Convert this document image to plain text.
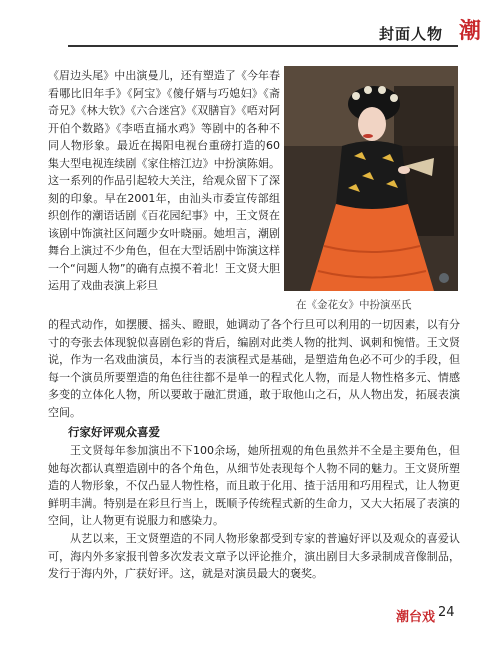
封面人物 潮
在《金花女》中扮演巫氏

《眉边头尾》中出演曼儿，还有塑造了《今年春看哪比旧年手》《阿宝》《傻仔婿与巧媳妇》《斋奇兄》《林大钦》《六合迷宫》《双膳盲》《唔对阿开伯个数路》《李唔直捅水鸡》等剧中的各种不同人物形象。最近在揭阳电视台重磅打造的60集大型电视连续剧《家住榕江边》中扮演陈娟。这一系列的作品引起较大关注，给观众留下了深刻的印象。早在2001年，由汕头市委宣传部组织创作的潮语话剧《百花园纪事》中，王文贤在该剧中饰演社区问题少女叶晓丽。她坦言，潮剧舞台上演过不少角色，但在大型话剧中饰演这样一个“问题人物”的确有点摸不着北！王文贤大胆运用了戏曲表演上彩旦

的程式动作，如摆腰、摇头、瞪眼，她调动了各个行旦可以利用的一切因素，以有分寸的夸张去体现貌似喜剧色彩的背后，编剧对此类人物的批判、讽刺和惋惜。王文贤说，作为一名戏曲演员，本行当的表演程式是基础，是塑造角色必不可少的手段，但每一个演员所要塑造的角色往往都不是单一的程式化人物，而是人物性格多元、情感多变的立体化人物，所以要敢于融汇贯通，敢于取他山之石，从人物出发，拓展表演空间。

行家好评观众喜爱

王文贤每年参加演出不下100余场，她所扭观的角色虽然并不全是主要角色，但她每次都认真塑造剧中的各个角色，从细节处表现每个人物不同的魅力。王文贤所塑造的人物形象，不仅凸显人物性格，而且敢于化用、揸于活用和巧用程式，让人物更鲜明丰满。特别是在彩旦行当上，既顺予传统程式新的生命力，又大大拓展了表演的空间，让人物更有说服力和感染力。

从艺以来，王文贤塑造的不同人物形象都受到专家的普遍好评以及观众的喜爱认可，海内外多家报刊曾多次发表文章予以评论推介，演出剧目大多录制成音像制品，发行于海内外，广获好评。这，就是对演员最大的褒奖。

潮台戏 24
